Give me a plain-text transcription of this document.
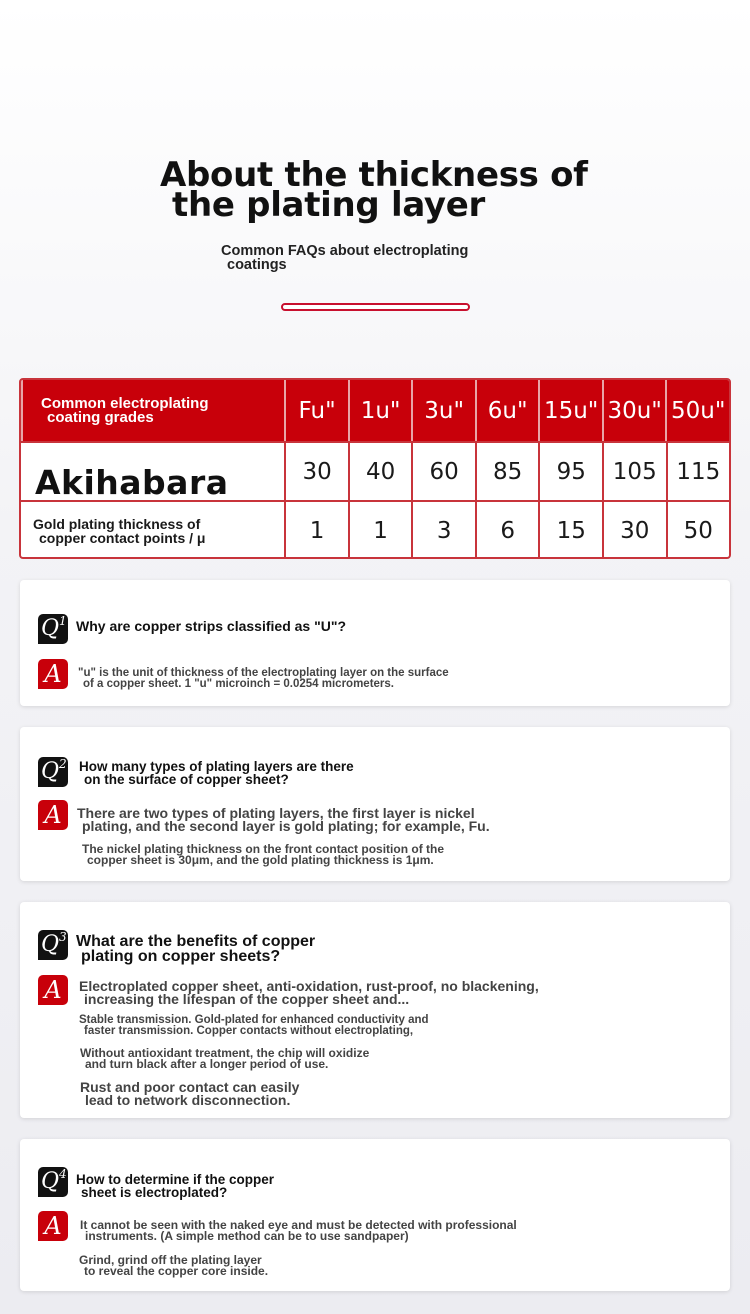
About the thickness of
the plating layer
Common FAQs about electroplating
coatings
Common electroplating
coating grades	Fu"	1u"	3u"	6u" 15u" 30u" 50u"
Akihabara	30	40	60	85	95	105 115
Gold plating thickness of
copper contact points / μ	1	1	3	6	15	30	50
$Q^1$ Why are copper strips classified as "U"?
A	"u" is the unit of thickness of the electroplating layer on the surface
of a copper sheet. 1 "u" microinch = 0.0254 micrometers.
$Q^2$ How many types of plating layers are there
on the surface of copper sheet?
A	There are two types of plating layers, the first layer is nickel
plating, and the second layer is gold plating; for example, Fu.
The nickel plating thickness on the front contact position of the
copper sheet is 30μm, and the gold plating thickness is 1μm.
$Q^3$ What are the benefits of copper
plating on copper sheets?
A	Electroplated copper sheet, anti-oxidation, rust-proof, no blackening,
increasing the lifespan of the copper sheet and...
Stable transmission. Gold-plated for enhanced conductivity and
faster transmission. Copper contacts without electroplating,
Without antioxidant treatment, the chip will oxidize
and turn black after a longer period of use.
Rust and poor contact can easily
lead to network disconnection.
$Q^4$ How to determine if the copper
sheet is electroplated?
A	It cannot be seen with the naked eye and must be detected with professional
instruments. (A simple method can be to use sandpaper)
Grind, grind off the plating layer
to reveal the copper core inside.
